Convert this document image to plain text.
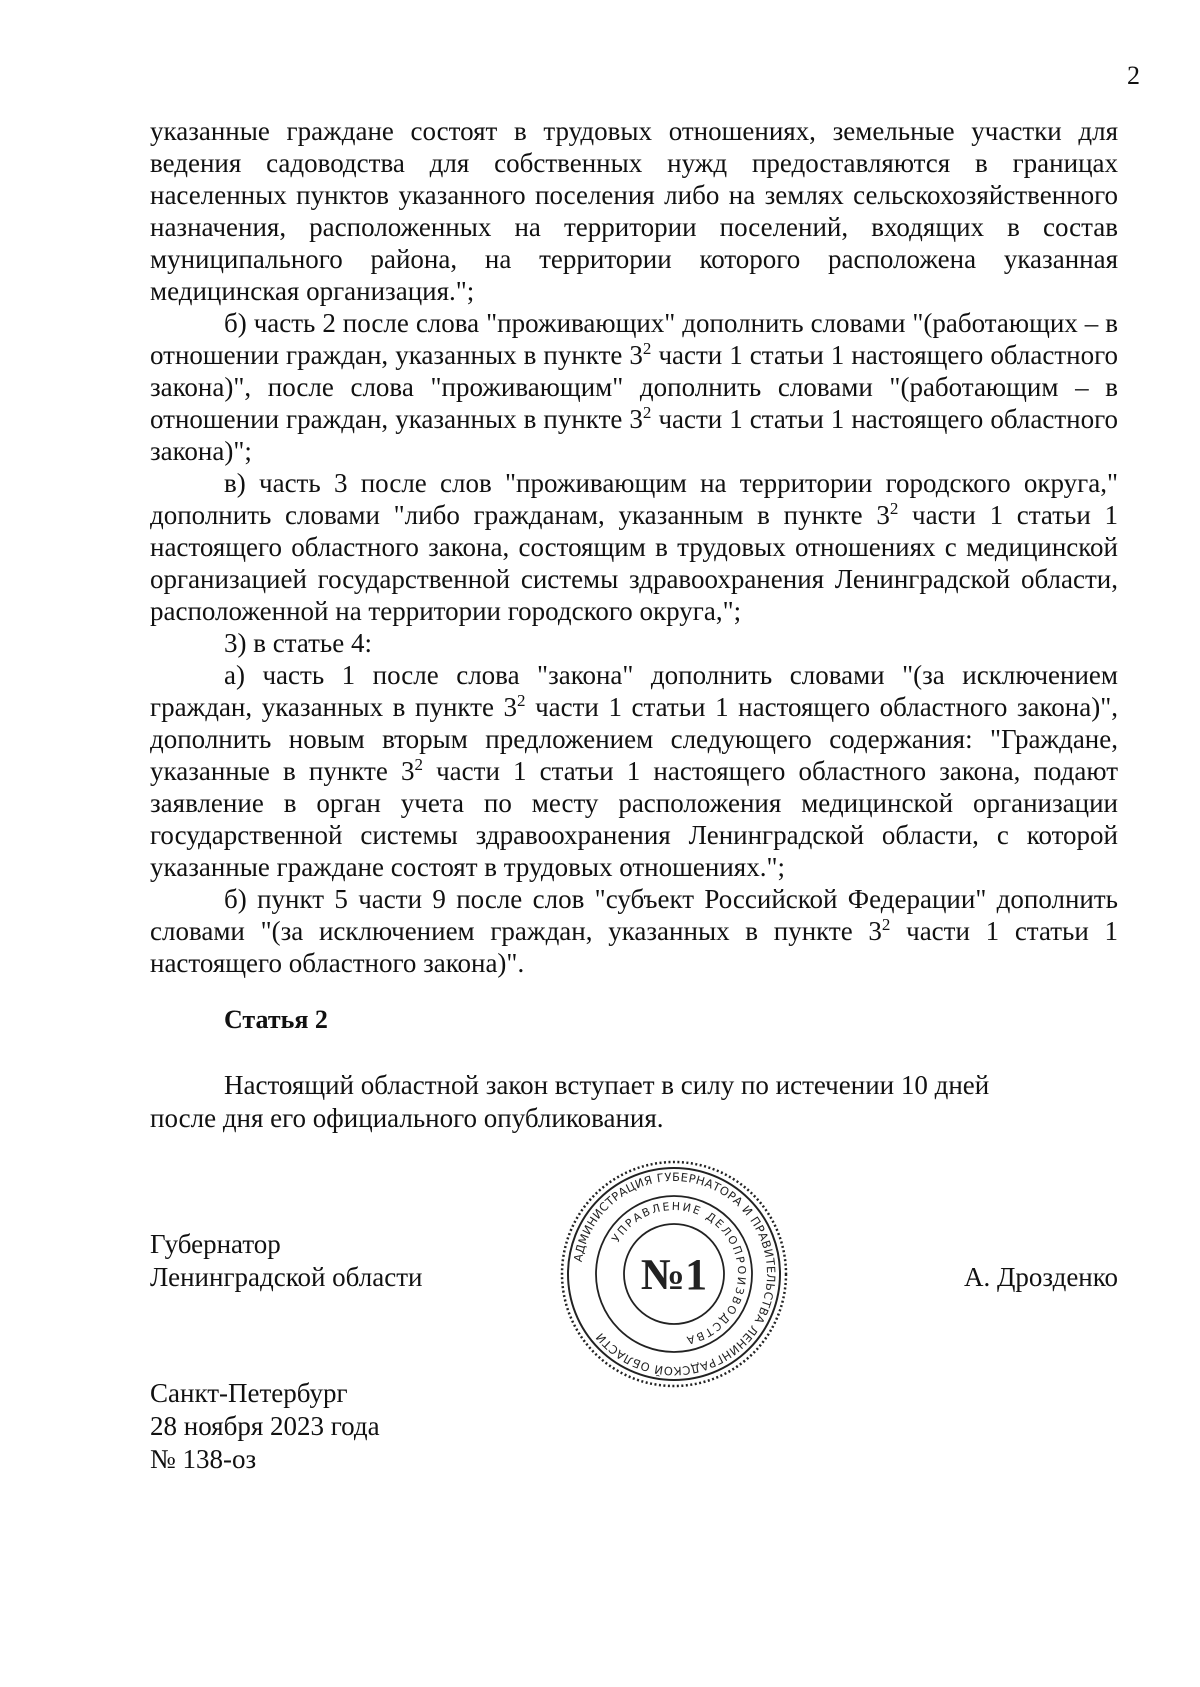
2

указанные граждане состоят в трудовых отношениях, земельные участки для ведения садоводства для собственных нужд предоставляются в границах населенных пунктов указанного поселения либо на землях сельскохозяйственного назначения, расположенных на территории поселений, входящих в состав муниципального района, на территории которого расположена указанная медицинская организация.";

б) часть 2 после слова "проживающих" дополнить словами "(работающих – в отношении граждан, указанных в пункте $3^2$ части 1 статьи 1 настоящего областного закона)", после слова "проживающим" дополнить словами "(работающим – в отношении граждан, указанных в пункте $3^2$ части 1 статьи 1 настоящего областного закона)";

в) часть 3 после слов "проживающим на территории городского округа," дополнить словами "либо гражданам, указанным в пункте $3^2$ части 1 статьи 1 настоящего областного закона, состоящим в трудовых отношениях с медицинской организацией государственной системы здравоохранения Ленинградской области, расположенной на территории городского округа,";

3) в статье 4:

а) часть 1 после слова "закона" дополнить словами "(за исключением граждан, указанных в пункте $3^2$ части 1 статьи 1 настоящего областного закона)", дополнить новым вторым предложением следующего содержания: "Граждане, указанные в пункте $3^2$ части 1 статьи 1 настоящего областного закона, подают заявление в орган учета по месту расположения медицинской организации государственной системы здравоохранения Ленинградской области, с которой указанные граждане состоят в трудовых отношениях.";

б) пункт 5 части 9 после слов "субъект Российской Федерации" дополнить словами "(за исключением граждан, указанных в пункте $3^2$ части 1 статьи 1 настоящего областного закона)".

Статья 2
Настоящий областной закон вступает в силу по истечении 10 дней
после дня его официального опубликования.
Губернатор
Ленинградской области
АДМИНИСТРАЦИЯ ГУБЕРНАТОРА И ПРАВИТЕЛЬСТВА ЛЕНИНГРАДСКОЙ ОБЛАСТИ
УПРАВЛЕНИЕ ДЕЛОПРОИЗВОДСТВА
№1	А. Дрозденко
Санкт-Петербург
28 ноября 2023 года
№ 138-оз
